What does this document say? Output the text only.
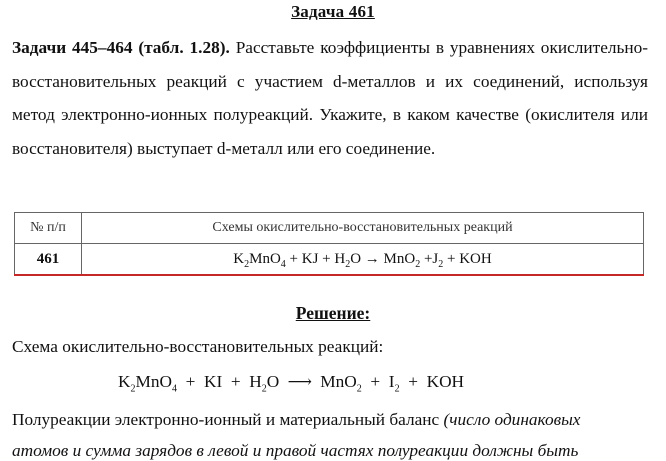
Задача 461

Задачи 445–464 (табл. 1.28). Расставьте коэффициенты в уравнениях окислительно-восстановительных реакций с участием d-металлов и их соединений, используя метод электронно-ионных полуреакций. Укажите, в каком качестве (окислителя или восстановителя) выступает d-металл или его соединение.

№ п/п	Схемы окислительно-восстановительных реакций
461	$K_2MnO_4$ + KJ + $H_2O \to MnO_2 +J_2$ + KOH
Решение:
Схема окислительно-восстановительных реакций:
$K_2MnO_4$  +  KI  +  $H_2O$ ⟶ $MnO_2 + I_2$  +  KOH
Полуреакции электронно-ионный и материальный баланс (число одинаковых
атомов и сумма зарядов в левой и правой частях полуреакции должны быть
